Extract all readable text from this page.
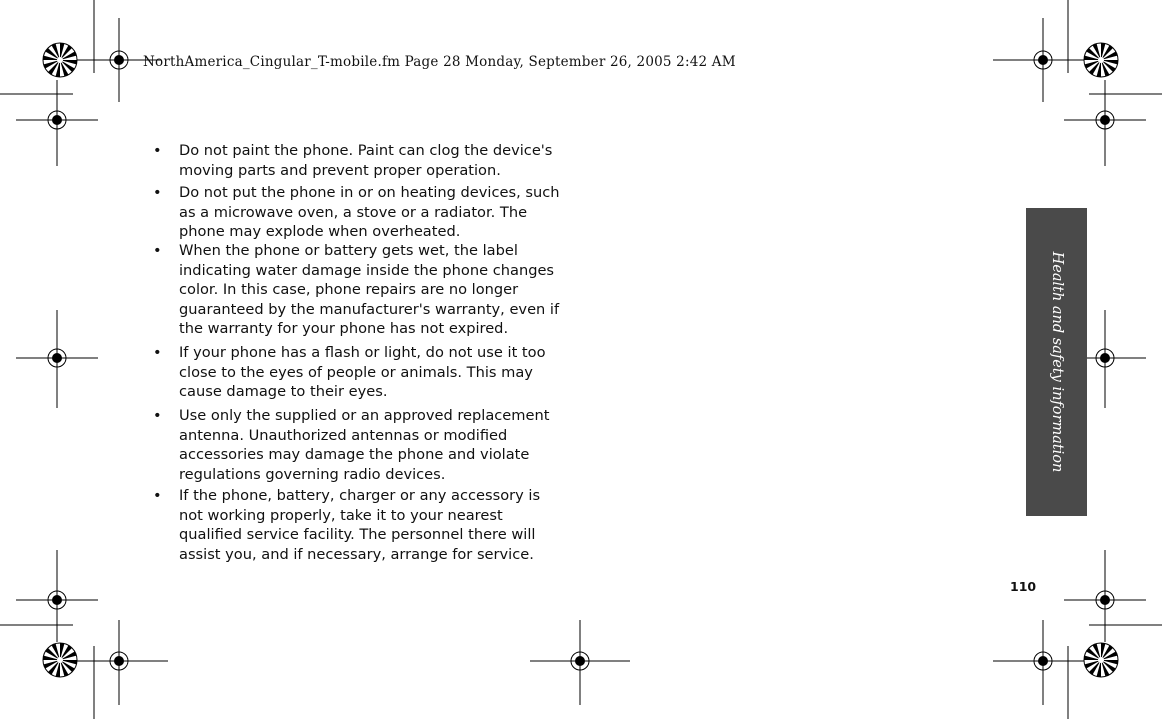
NorthAmerica_Cingular_T-mobile.fm Page 28 Monday, September 26, 2005 2:42 AM
• Do not paint the phone. Paint can clog the device's moving parts and prevent proper operation.
• Do not put the phone in or on heating devices, such as a microwave oven, a stove or a radiator. The phone may explode when overheated.
• When the phone or battery gets wet, the label indicating water damage inside the phone changes color. In this case, phone repairs are no longer guaranteed by the manufacturer's warranty, even if the warranty for your phone has not expired.
• If your phone has a flash or light, do not use it too close to the eyes of people or animals. This may cause damage to their eyes.
• Use only the supplied or an approved replacement antenna. Unauthorized antennas or modified accessories may damage the phone and violate regulations governing radio devices.
• If the phone, battery, charger or any accessory is not working properly, take it to your nearest qualified service facility. The personnel there will assist you, and if necessary, arrange for service.
Health and safety information
110
